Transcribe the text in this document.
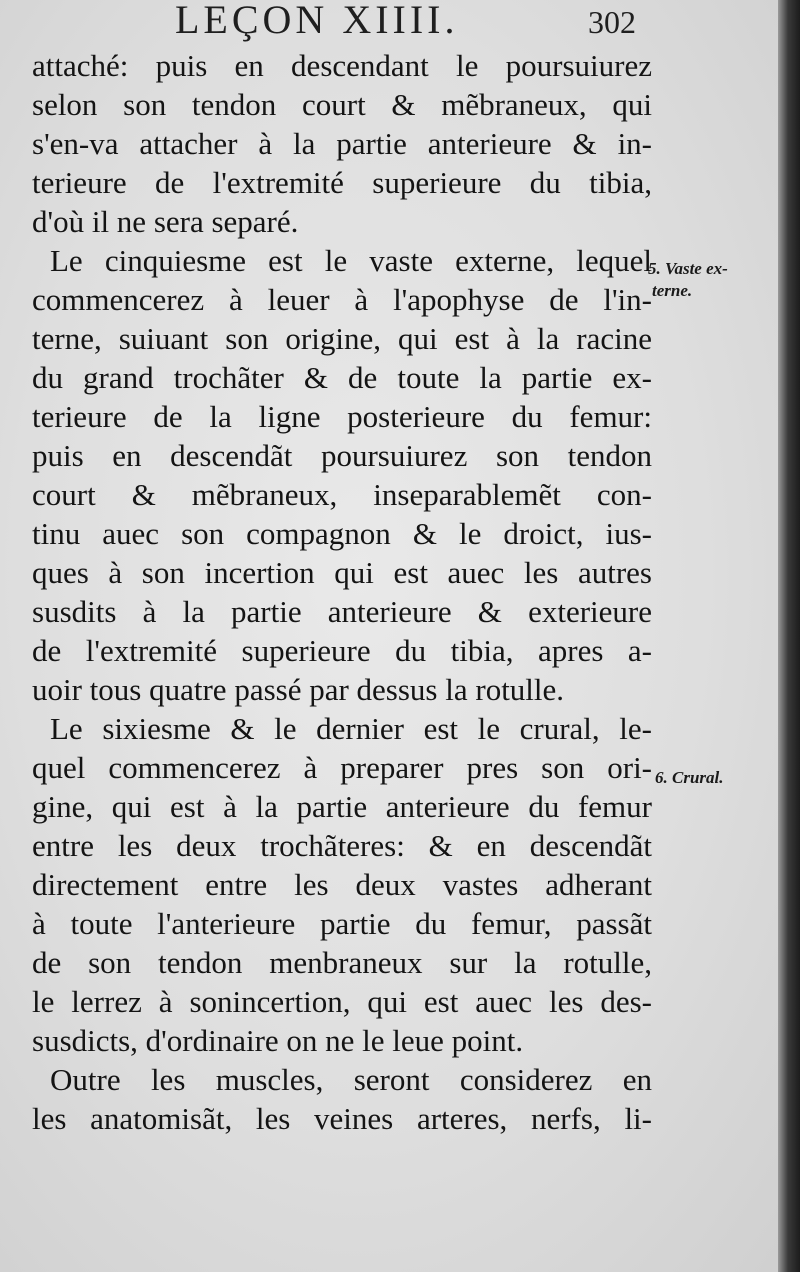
LEÇON XIIII.	302

attaché: puis en descendant le poursuiurez
selon son tendon court & mẽbraneux, qui
s'en-va attacher à la partie anterieure & in-
terieure de l'extremité superieure du tibia,
d'où il ne sera separé.

Le cinquiesme est le vaste externe, lequel
commencerez à leuer à l'apophyse de l'in-
terne, suiuant son origine, qui est à la racine
du grand trochãter & de toute la partie ex-
terieure de la ligne posterieure du femur:
puis en descendãt poursuiurez son tendon
court & mẽbraneux, inseparablemẽt con-
tinu auec son compagnon & le droict, ius-
ques à son incertion qui est auec les autres
susdits à la partie anterieure & exterieure
de l'extremité superieure du tibia, apres a-
uoir tous quatre passé par dessus la rotulle.

Le sixiesme & le dernier est le crural, le-
quel commencerez à preparer pres son ori-
gine, qui est à la partie anterieure du femur
entre les deux trochãteres: & en descendãt
directement entre les deux vastes adherant
à toute l'anterieure partie du femur, passãt
de son tendon menbraneux sur la rotulle,
le lerrez à sonincertion, qui est auec les des-
susdicts, d'ordinaire on ne le leue point.

Outre les muscles, seront considerez en
les anatomisãt, les veines arteres, nerfs, li-

5. Vaste ex-
terne.
6. Crural.
